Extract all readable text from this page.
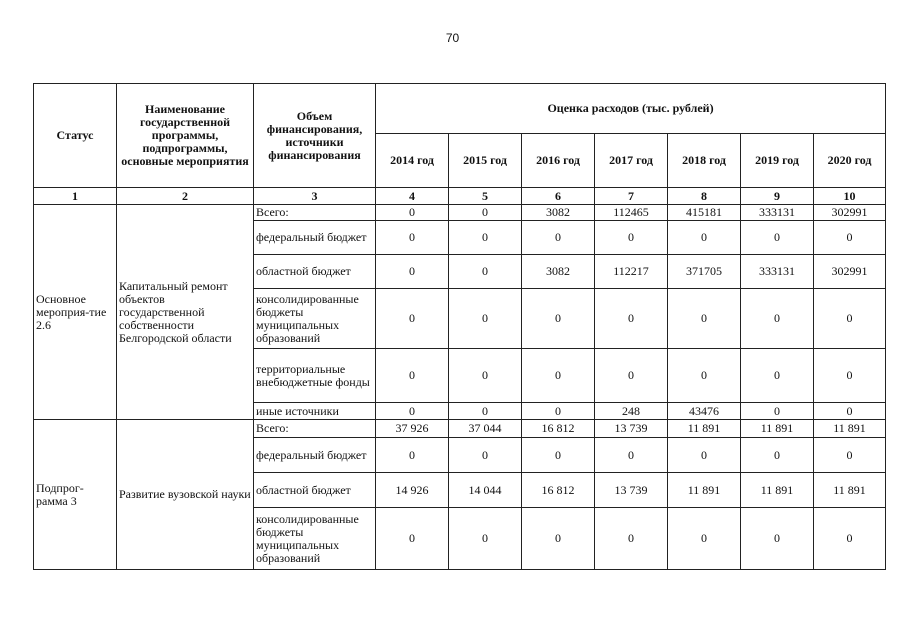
70
Статус	Наименование государственной программы, подпрограммы, основные мероприятия	Объем финансирования, источники финансирования	Оценка расходов (тыс. рублей)						
			2014 год	2015 год	2016 год	2017 год	2018 год	2019 год	2020 год
1	2	3	4	5	6	7	8	9	10
Основное мероприя-тие 2.6	Капитальный ремонт объектов государственной собственности Белгородской области	Всего:	0	0	3082	112465	415181	333131	302991
		федеральный бюджет	0	0	0	0	0	0	0
		областной бюджет	0	0	3082	112217	371705	333131	302991
		консолидированные бюджеты муниципальных образований	0	0	0	0	0	0	0
		территориальные внебюджетные фонды	0	0	0	0	0	0	0
		иные источники	0	0	0	248	43476	0	0
Подпрог-рамма 3	Развитие вузовской науки	Всего:	37 926	37 044	16 812	13 739	11 891	11 891	11 891
		федеральный бюджет	0	0	0	0	0	0	0
		областной бюджет	14 926	14 044	16 812	13 739	11 891	11 891	11 891
		консолидированные бюджеты муниципальных образований	0	0	0	0	0	0	0
